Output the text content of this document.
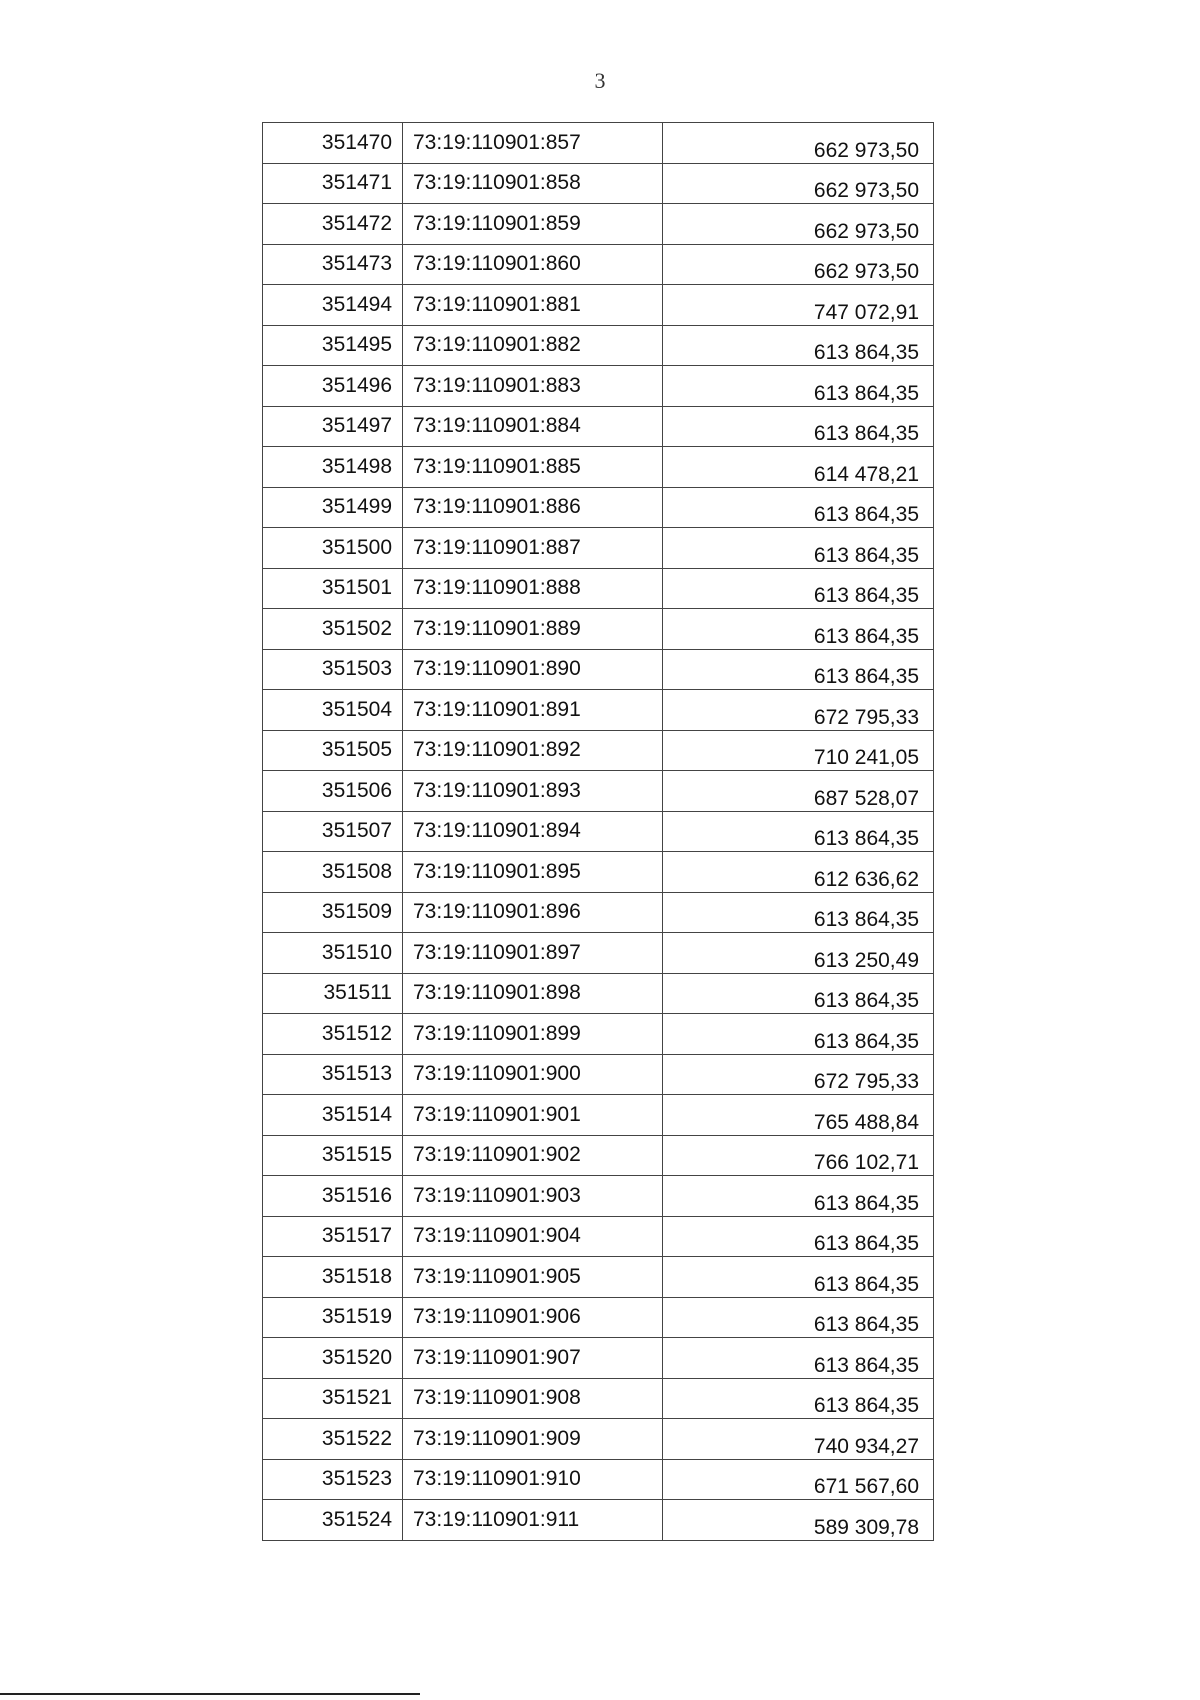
3
351470	73:19:110901:857	662 973,50
351471	73:19:110901:858	662 973,50
351472	73:19:110901:859	662 973,50
351473	73:19:110901:860	662 973,50
351494	73:19:110901:881	747 072,91
351495	73:19:110901:882	613 864,35
351496	73:19:110901:883	613 864,35
351497	73:19:110901:884	613 864,35
351498	73:19:110901:885	614 478,21
351499	73:19:110901:886	613 864,35
351500	73:19:110901:887	613 864,35
351501	73:19:110901:888	613 864,35
351502	73:19:110901:889	613 864,35
351503	73:19:110901:890	613 864,35
351504	73:19:110901:891	672 795,33
351505	73:19:110901:892	710 241,05
351506	73:19:110901:893	687 528,07
351507	73:19:110901:894	613 864,35
351508	73:19:110901:895	612 636,62
351509	73:19:110901:896	613 864,35
351510	73:19:110901:897	613 250,49
351511	73:19:110901:898	613 864,35
351512	73:19:110901:899	613 864,35
351513	73:19:110901:900	672 795,33
351514	73:19:110901:901	765 488,84
351515	73:19:110901:902	766 102,71
351516	73:19:110901:903	613 864,35
351517	73:19:110901:904	613 864,35
351518	73:19:110901:905	613 864,35
351519	73:19:110901:906	613 864,35
351520	73:19:110901:907	613 864,35
351521	73:19:110901:908	613 864,35
351522	73:19:110901:909	740 934,27
351523	73:19:110901:910	671 567,60
351524	73:19:110901:911	589 309,78
